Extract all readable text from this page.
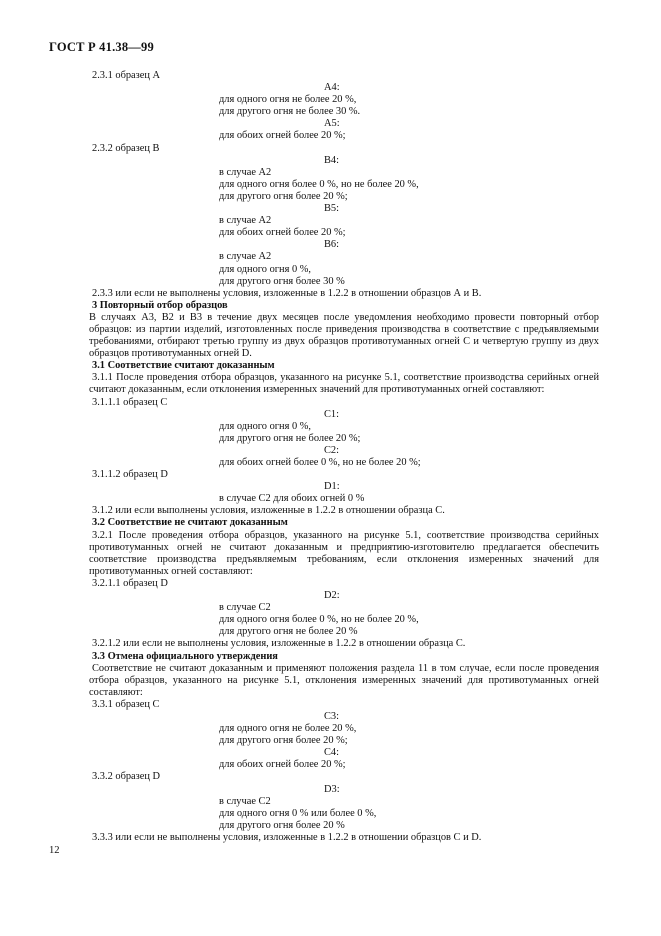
ГОСТ Р 41.38—99
2.3.1 образец А
А4:
для одного огня не более 20 %,
для другого огня не более 30 %.
А5:
для обоих огней более 20 %;
2.3.2 образец В
В4:
в случае А2
для одного огня более 0 %, но не более 20 %,
для другого огня более 20 %;
В5:
в случае А2
для обоих огней более 20 %;
В6:
в случае А2
для одного огня 0 %,
для другого огня более 30 %
2.3.3 или если не выполнены условия, изложенные в 1.2.2 в отношении образцов А и В.
3 Повторный отбор образцов
В случаях А3, В2 и В3 в течение двух месяцев после уведомления необходимо провести повторный отбор образцов: из партии изделий, изготовленных после приведения производства в соответствие с предъявляемыми требованиями, отбирают третью группу из двух образцов противотуманных огней С и четвертую группу из двух образцов противотуманных огней D.
3.1 Соответствие считают доказанным
3.1.1 После проведения отбора образцов, указанного на рисунке 5.1, соответствие производства серийных огней считают доказанным, если отклонения измеренных значений для противотуманных огней составляют:
3.1.1.1 образец С
С1:
для одного огня 0 %,
для другого огня не более 20 %;
С2:
для обоих огней более 0 %, но не более 20 %;
3.1.1.2 образец D
D1:
в случае С2 для обоих огней 0 %
3.1.2 или если выполнены условия, изложенные в 1.2.2 в отношении образца С.
3.2 Соответствие не считают доказанным
3.2.1 После проведения отбора образцов, указанного на рисунке 5.1, соответствие производства серийных противотуманных огней не считают доказанным и предприятию-изготовителю предлагается обеспечить соответствие производства предъявляемым требованиям, если отклонения измеренных значений для противотуманных огней составляют:
3.2.1.1 образец D
D2:
в случае С2
для одного огня более 0 %, но не более 20 %,
для другого огня не более 20 %
3.2.1.2 или если не выполнены условия, изложенные в 1.2.2 в отношении образца С.
3.3 Отмена официального утверждения
Соответствие не считают доказанным и применяют положения раздела 11 в том случае, если после проведения отбора образцов, указанного на рисунке 5.1, отклонения измеренных значений для противотуманных огней составляют:
3.3.1 образец С
С3:
для одного огня не более 20 %,
для другого огня более 20 %;
С4:
для обоих огней более 20 %;
3.3.2 образец D
D3:
в случае С2
для одного огня 0 % или более 0 %,
для другого огня более 20 %
3.3.3 или если не выполнены условия, изложенные в 1.2.2 в отношении образцов С и D.
12
